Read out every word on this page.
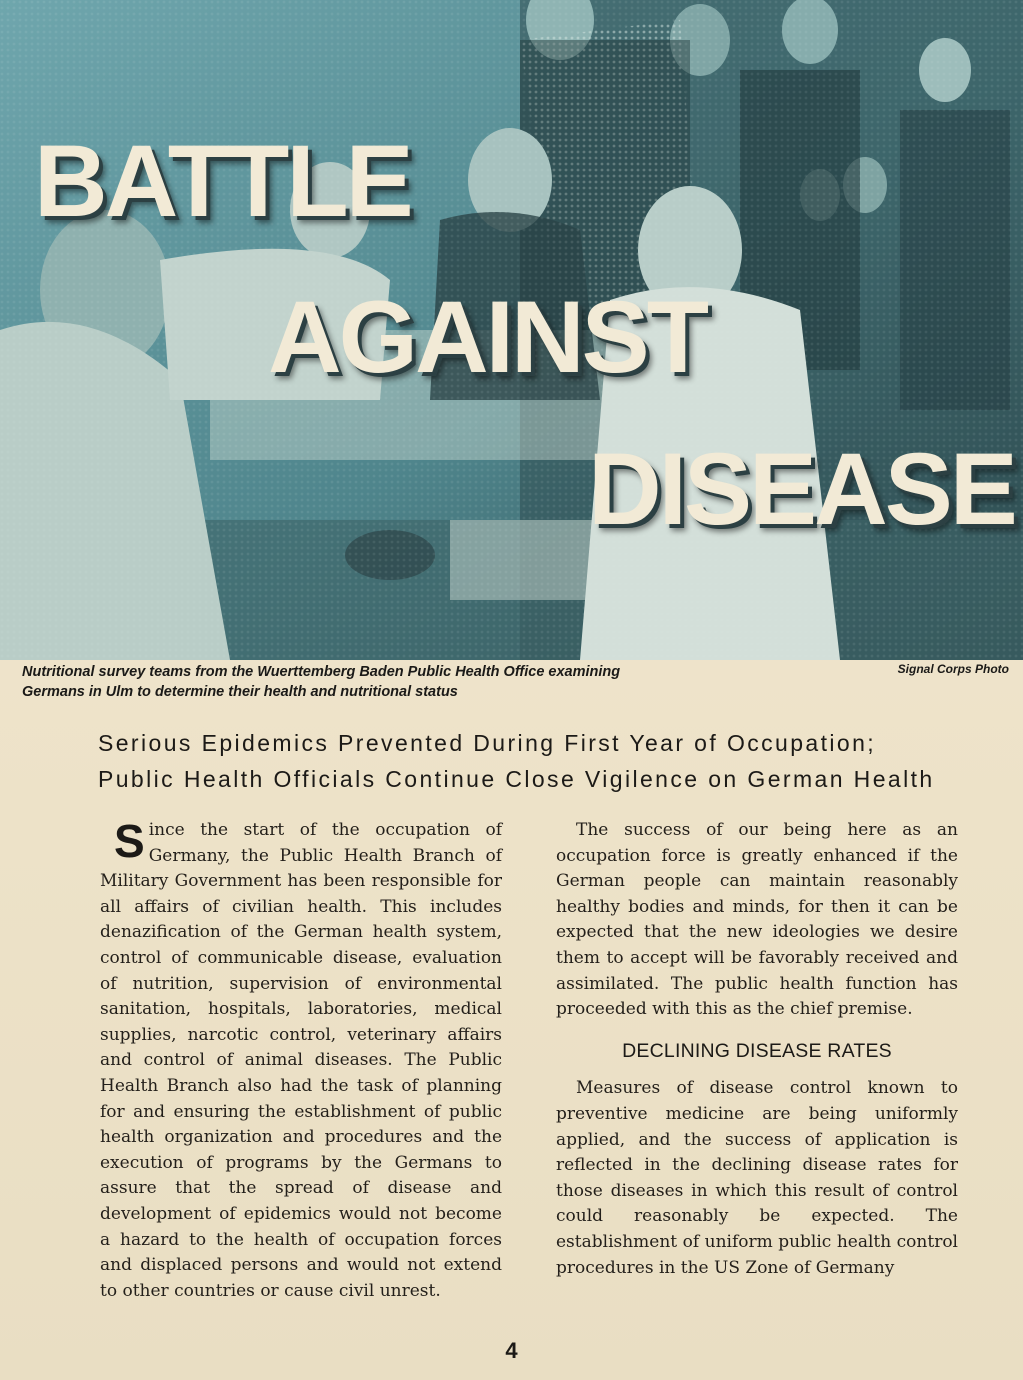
BATTLE
AGAINST
DISEASE
Nutritional survey teams from the Wuerttemberg Baden Public Health Office examining Germans in Ulm to determine their health and nutritional status
Signal Corps Photo
Serious Epidemics Prevented During First Year of Occupation;
Public Health Officials Continue Close Vigilence on German Health

Since the start of the occupation of Germany, the Public Health Branch of Military Government has been responsible for all affairs of civilian health. This includes denazification of the German health system, control of communicable disease, evaluation of nutrition, supervision of environmental sanitation, hospitals, laboratories, medical supplies, narcotic control, veterinary affairs and control of animal diseases. The Public Health Branch also had the task of planning for and ensuring the establishment of public health organization and procedures and the execution of programs by the Germans to assure that the spread of disease and development of epidemics would not become a hazard to the health of occupation forces and displaced persons and would not extend to other countries or cause civil unrest.

The success of our being here as an occupation force is greatly enhanced if the German people can maintain reasonably healthy bodies and minds, for then it can be expected that the new ideologies we desire them to accept will be favorably received and assimilated. The public health function has proceeded with this as the chief premise.

DECLINING DISEASE RATES

Measures of disease control known to preventive medicine are being uniformly applied, and the success of application is reflected in the declining disease rates for those diseases in which this result of control could reasonably be expected. The establishment of uniform public health control procedures in the US Zone of Germany

4
